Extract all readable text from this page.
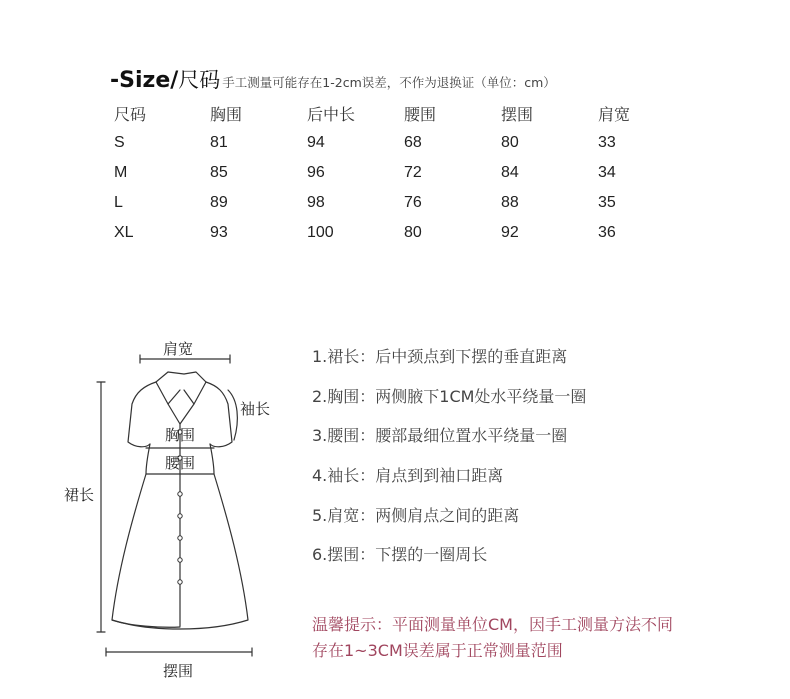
-Size/尺码 手工测量可能存在1-2cm误差，不作为退换证（单位：cm）
尺码	胸围	后中长	腰围	摆围	肩宽
S	81	94	68	80	33
M	85	96	72	84	34
L	89	98	76	88	35
XL	93	100	80	92	36
肩宽
袖长
胸围
腰围
裙长
摆围
1.裙长：后中颈点到下摆的垂直距离
2.胸围：两侧腋下1CM处水平绕量一圈
3.腰围：腰部最细位置水平绕量一圈
4.袖长：肩点到到袖口距离
5.肩宽：两侧肩点之间的距离
6.摆围：下摆的一圈周长
温馨提示：平面测量单位CM，因手工测量方法不同
存在1~3CM误差属于正常测量范围
